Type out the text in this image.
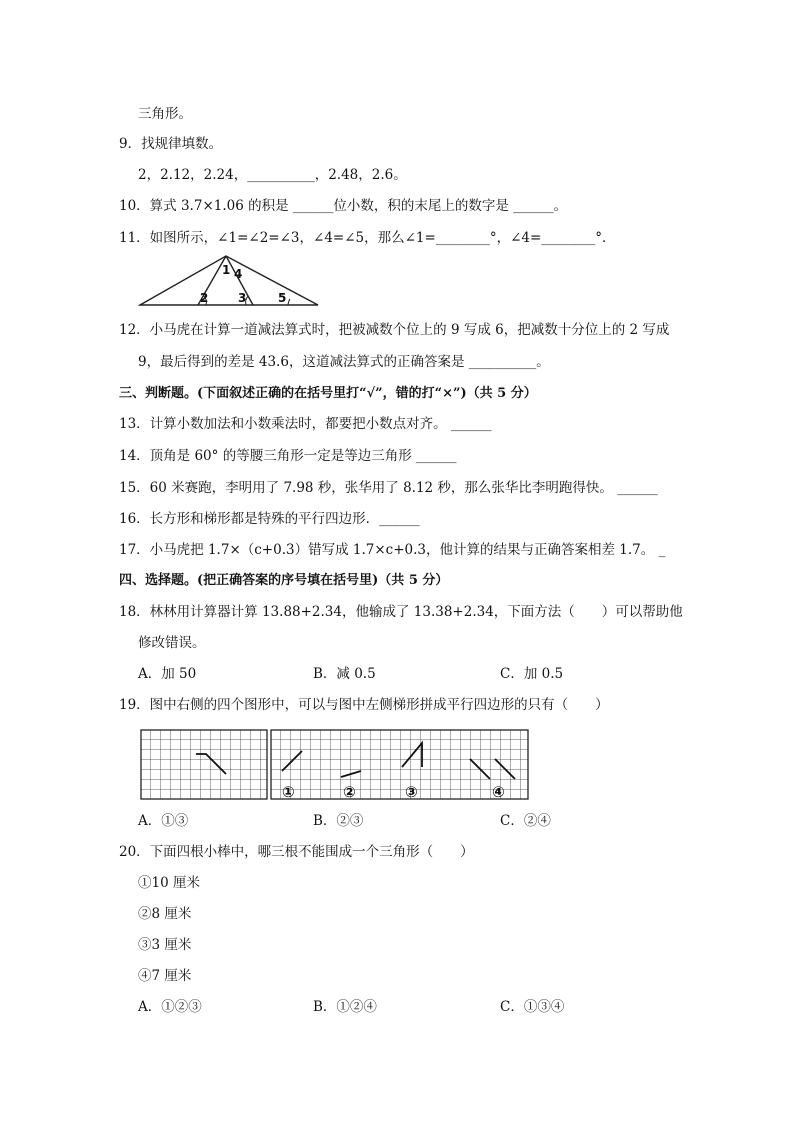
三角形。
9．找规律填数。
2，2.12，2.24，__________，2.48，2.6。
10．算式 3.7×1.06 的积是 ______位小数，积的末尾上的数字是 ______。
11．如图所示，∠1=∠2=∠3，∠4=∠5，那么∠1=________°，∠4=________°．
1 4
2 3	5
12．小马虎在计算一道减法算式时，把被减数个位上的 9 写成 6，把减数十分位上的 2 写成
9，最后得到的差是 43.6，这道减法算式的正确答案是 __________。
三、判断题。(下面叙述正确的在括号里打“√”，错的打“×”)（共 5 分）
13．计算小数加法和小数乘法时，都要把小数点对齐。 ______
14．顶角是 60° 的等腰三角形一定是等边三角形 ______
15．60 米赛跑，李明用了 7.98 秒，张华用了 8.12 秒，那么张华比李明跑得快。 ______
16．长方形和梯形都是特殊的平行四边形．______
17．小马虎把 1.7×（c+0.3）错写成 1.7×c+0.3，他计算的结果与正确答案相差 1.7。 _
四、选择题。(把正确答案的序号填在括号里)（共 5 分）
18．林林用计算器计算 13.88+2.34，他输成了 13.38+2.34，下面方法（　　）可以帮助他
修改错误。
A．加 50	B．减 0.5	C．加 0.5
19．图中右侧的四个图形中，可以与图中左侧梯形拼成平行四边形的只有（　　）
①	②	③	④
A．①③	B．②③	C．②④
20．下面四根小棒中，哪三根不能围成一个三角形（　　）
①10 厘米
②8 厘米
③3 厘米
④7 厘米
A．①②③	B．①②④	C．①③④
